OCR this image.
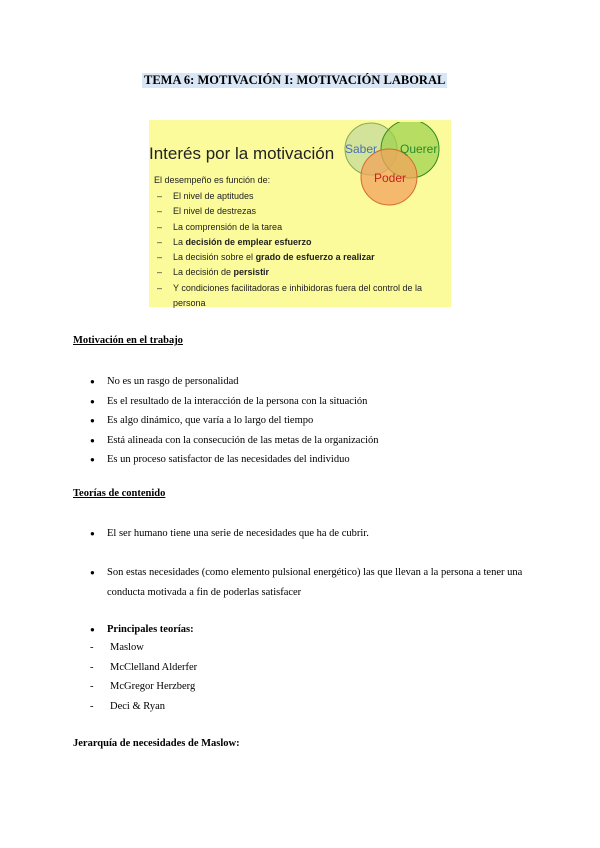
TEMA 6: MOTIVACIÓN I: MOTIVACIÓN LABORAL
Interés por la motivación Saber Querer
Poder
El desempeño es función de:
– El nivel de aptitudes
– El nivel de destrezas
– La comprensión de la tarea
– La decisión de emplear esfuerzo
– La decisión sobre el grado de esfuerzo a realizar
– La decisión de persistir
– Y condiciones facilitadoras e inhibidoras fuera del control de la persona
Motivación en el trabajo
● No es un rasgo de personalidad
● Es el resultado de la interacción de la persona con la situación
● Es algo dinámico, que varía a lo largo del tiempo
● Está alineada con la consecución de las metas de la organización
● Es un proceso satisfactor de las necesidades del individuo
Teorías de contenido
● El ser humano tiene una serie de necesidades que ha de cubrir.
● Son estas necesidades (como elemento pulsional energético) las que llevan a la persona a tener una conducta motivada a fin de poderlas satisfacer
● Principales teorías:
- Maslow
- McClelland Alderfer
- McGregor Herzberg
- Deci & Ryan
Jerarquía de necesidades de Maslow:
